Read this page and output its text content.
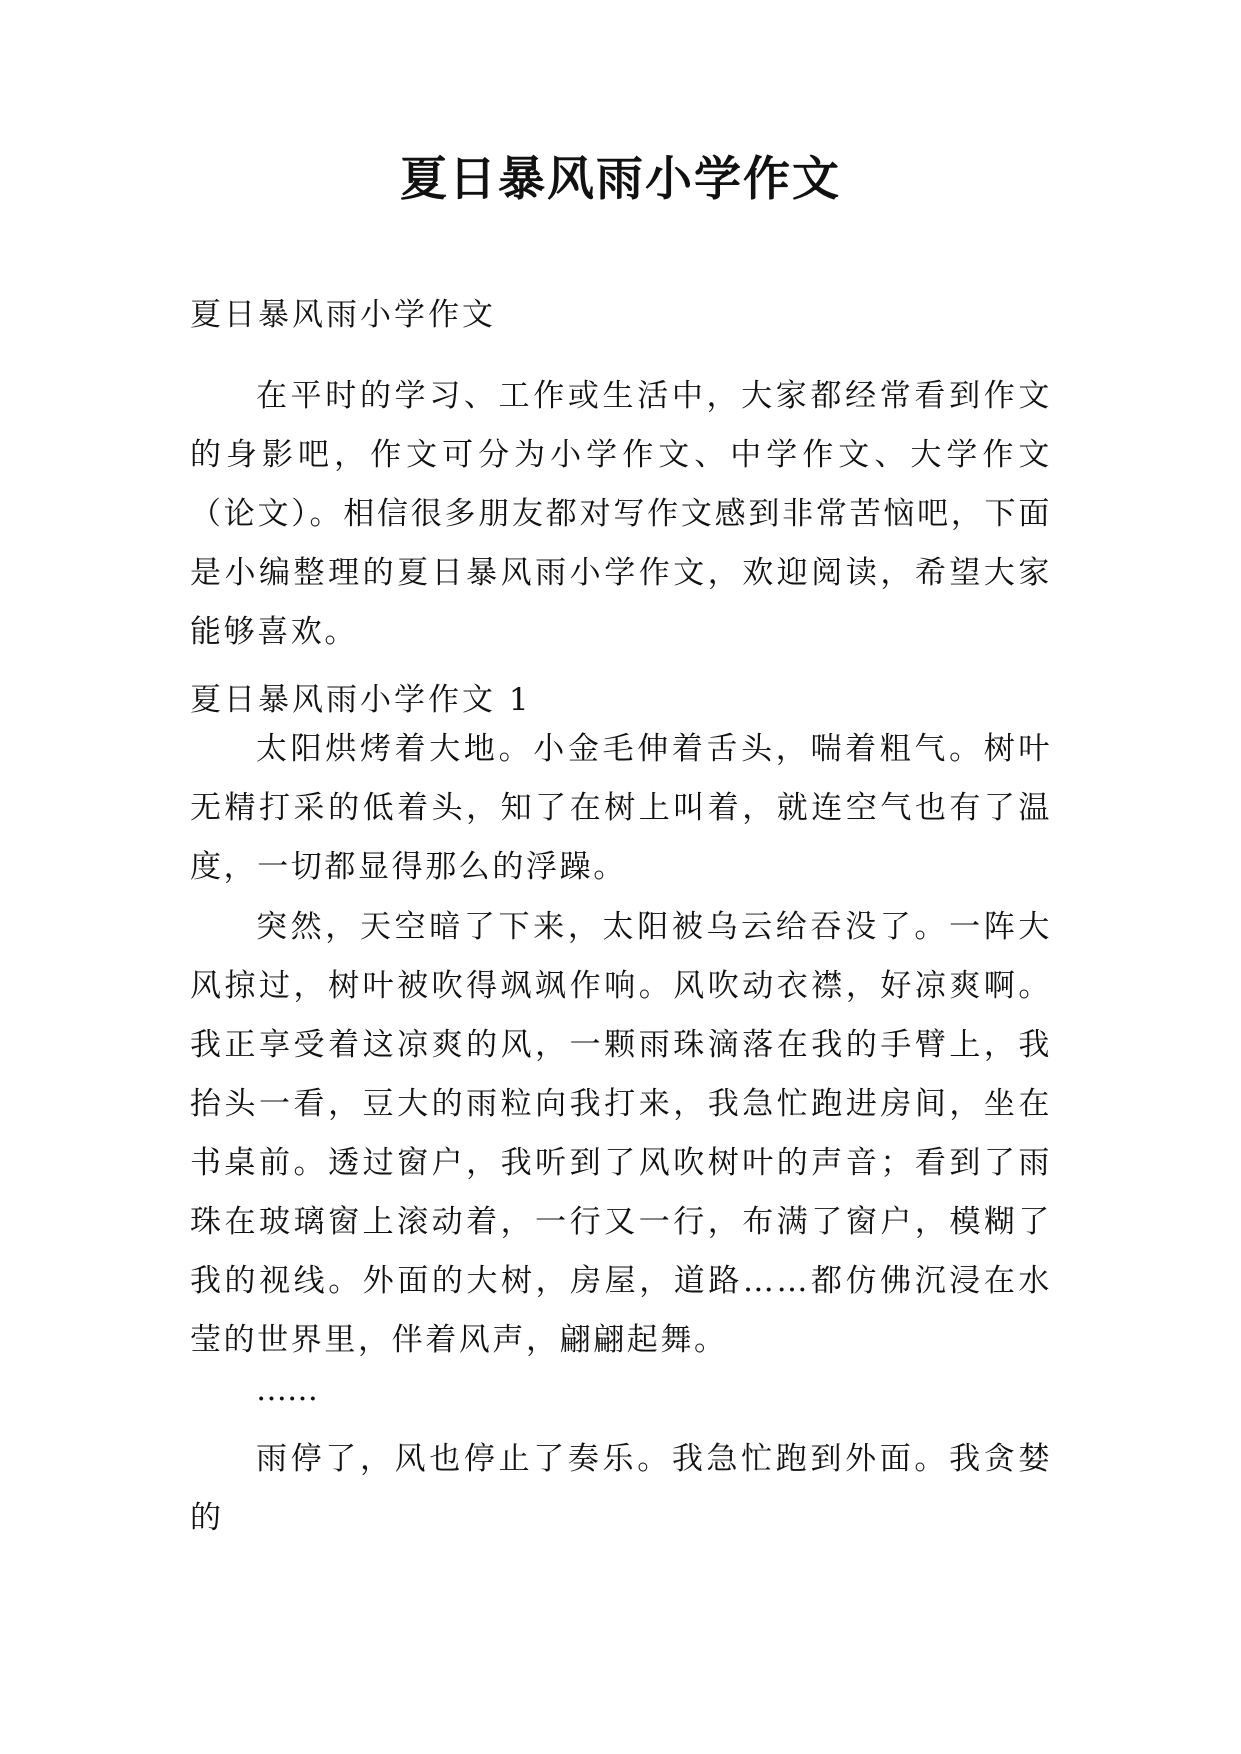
夏日暴风雨小学作文
夏日暴风雨小学作文

在平时的学习、工作或生活中，大家都经常看到作文的身影吧，作文可分为小学作文、中学作文、大学作文（论文）。相信很多朋友都对写作文感到非常苦恼吧，下面是小编整理的夏日暴风雨小学作文，欢迎阅读，希望大家能够喜欢。

夏日暴风雨小学作文 1

太阳烘烤着大地。小金毛伸着舌头，喘着粗气。树叶无精打采的低着头，知了在树上叫着，就连空气也有了温度，一切都显得那么的浮躁。

突然，天空暗了下来，太阳被乌云给吞没了。一阵大风掠过，树叶被吹得飒飒作响。风吹动衣襟，好凉爽啊。我正享受着这凉爽的风，一颗雨珠滴落在我的手臂上，我抬头一看，豆大的雨粒向我打来，我急忙跑进房间，坐在书桌前。透过窗户，我听到了风吹树叶的声音；看到了雨珠在玻璃窗上滚动着，一行又一行，布满了窗户，模糊了我的视线。外面的大树，房屋，道路……都仿佛沉浸在水莹的世界里，伴着风声，翩翩起舞。

……

雨停了，风也停止了奏乐。我急忙跑到外面。我贪婪的
